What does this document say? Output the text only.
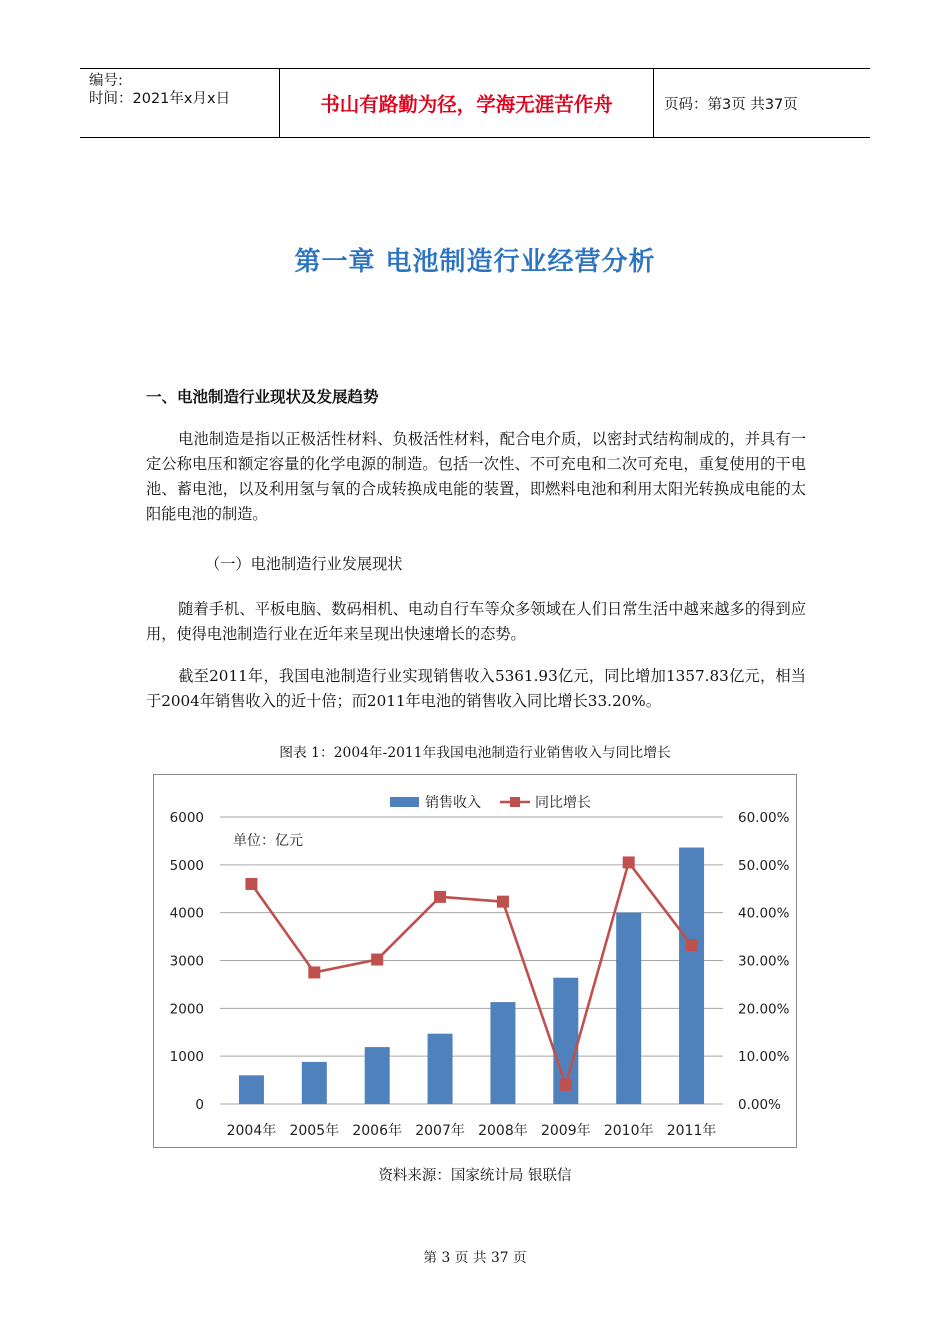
编号:
时间：2021年x月x日	书山有路勤为径，学海无涯苦作舟	页码：第3页 共37页
第一章 电池制造行业经营分析
一、电池制造行业现状及发展趋势
电池制造是指以正极活性材料、负极活性材料，配合电介质，以密封式结构制成的，并具有一定公称电压和额定容量的化学电源的制造。包括一次性、不可充电和二次可充电，重复使用的干电池、蓄电池，以及利用氢与氧的合成转换成电能的装置，即燃料电池和利用太阳光转换成电能的太阳能电池的制造。
（一）电池制造行业发展现状
随着手机、平板电脑、数码相机、电动自行车等众多领域在人们日常生活中越来越多的得到应用，使得电池制造行业在近年来呈现出快速增长的态势。
截至2011年，我国电池制造行业实现销售收入5361.93亿元，同比增加1357.83亿元，相当于2004年销售收入的近十倍；而2011年电池的销售收入同比增长33.20%。
图表 1：2004年-2011年我国电池制造行业销售收入与同比增长
0	0.00%
1000	10.00%
2000	20.00%
3000	30.00%
4000	40.00%
5000	50.00%
6000	60.00%
2004年 2005年 2006年 2007年 2008年 2009年 2010年 2011年
销售收入	同比增长
单位：亿元
资料来源：国家统计局 银联信
第 3 页 共 37 页
